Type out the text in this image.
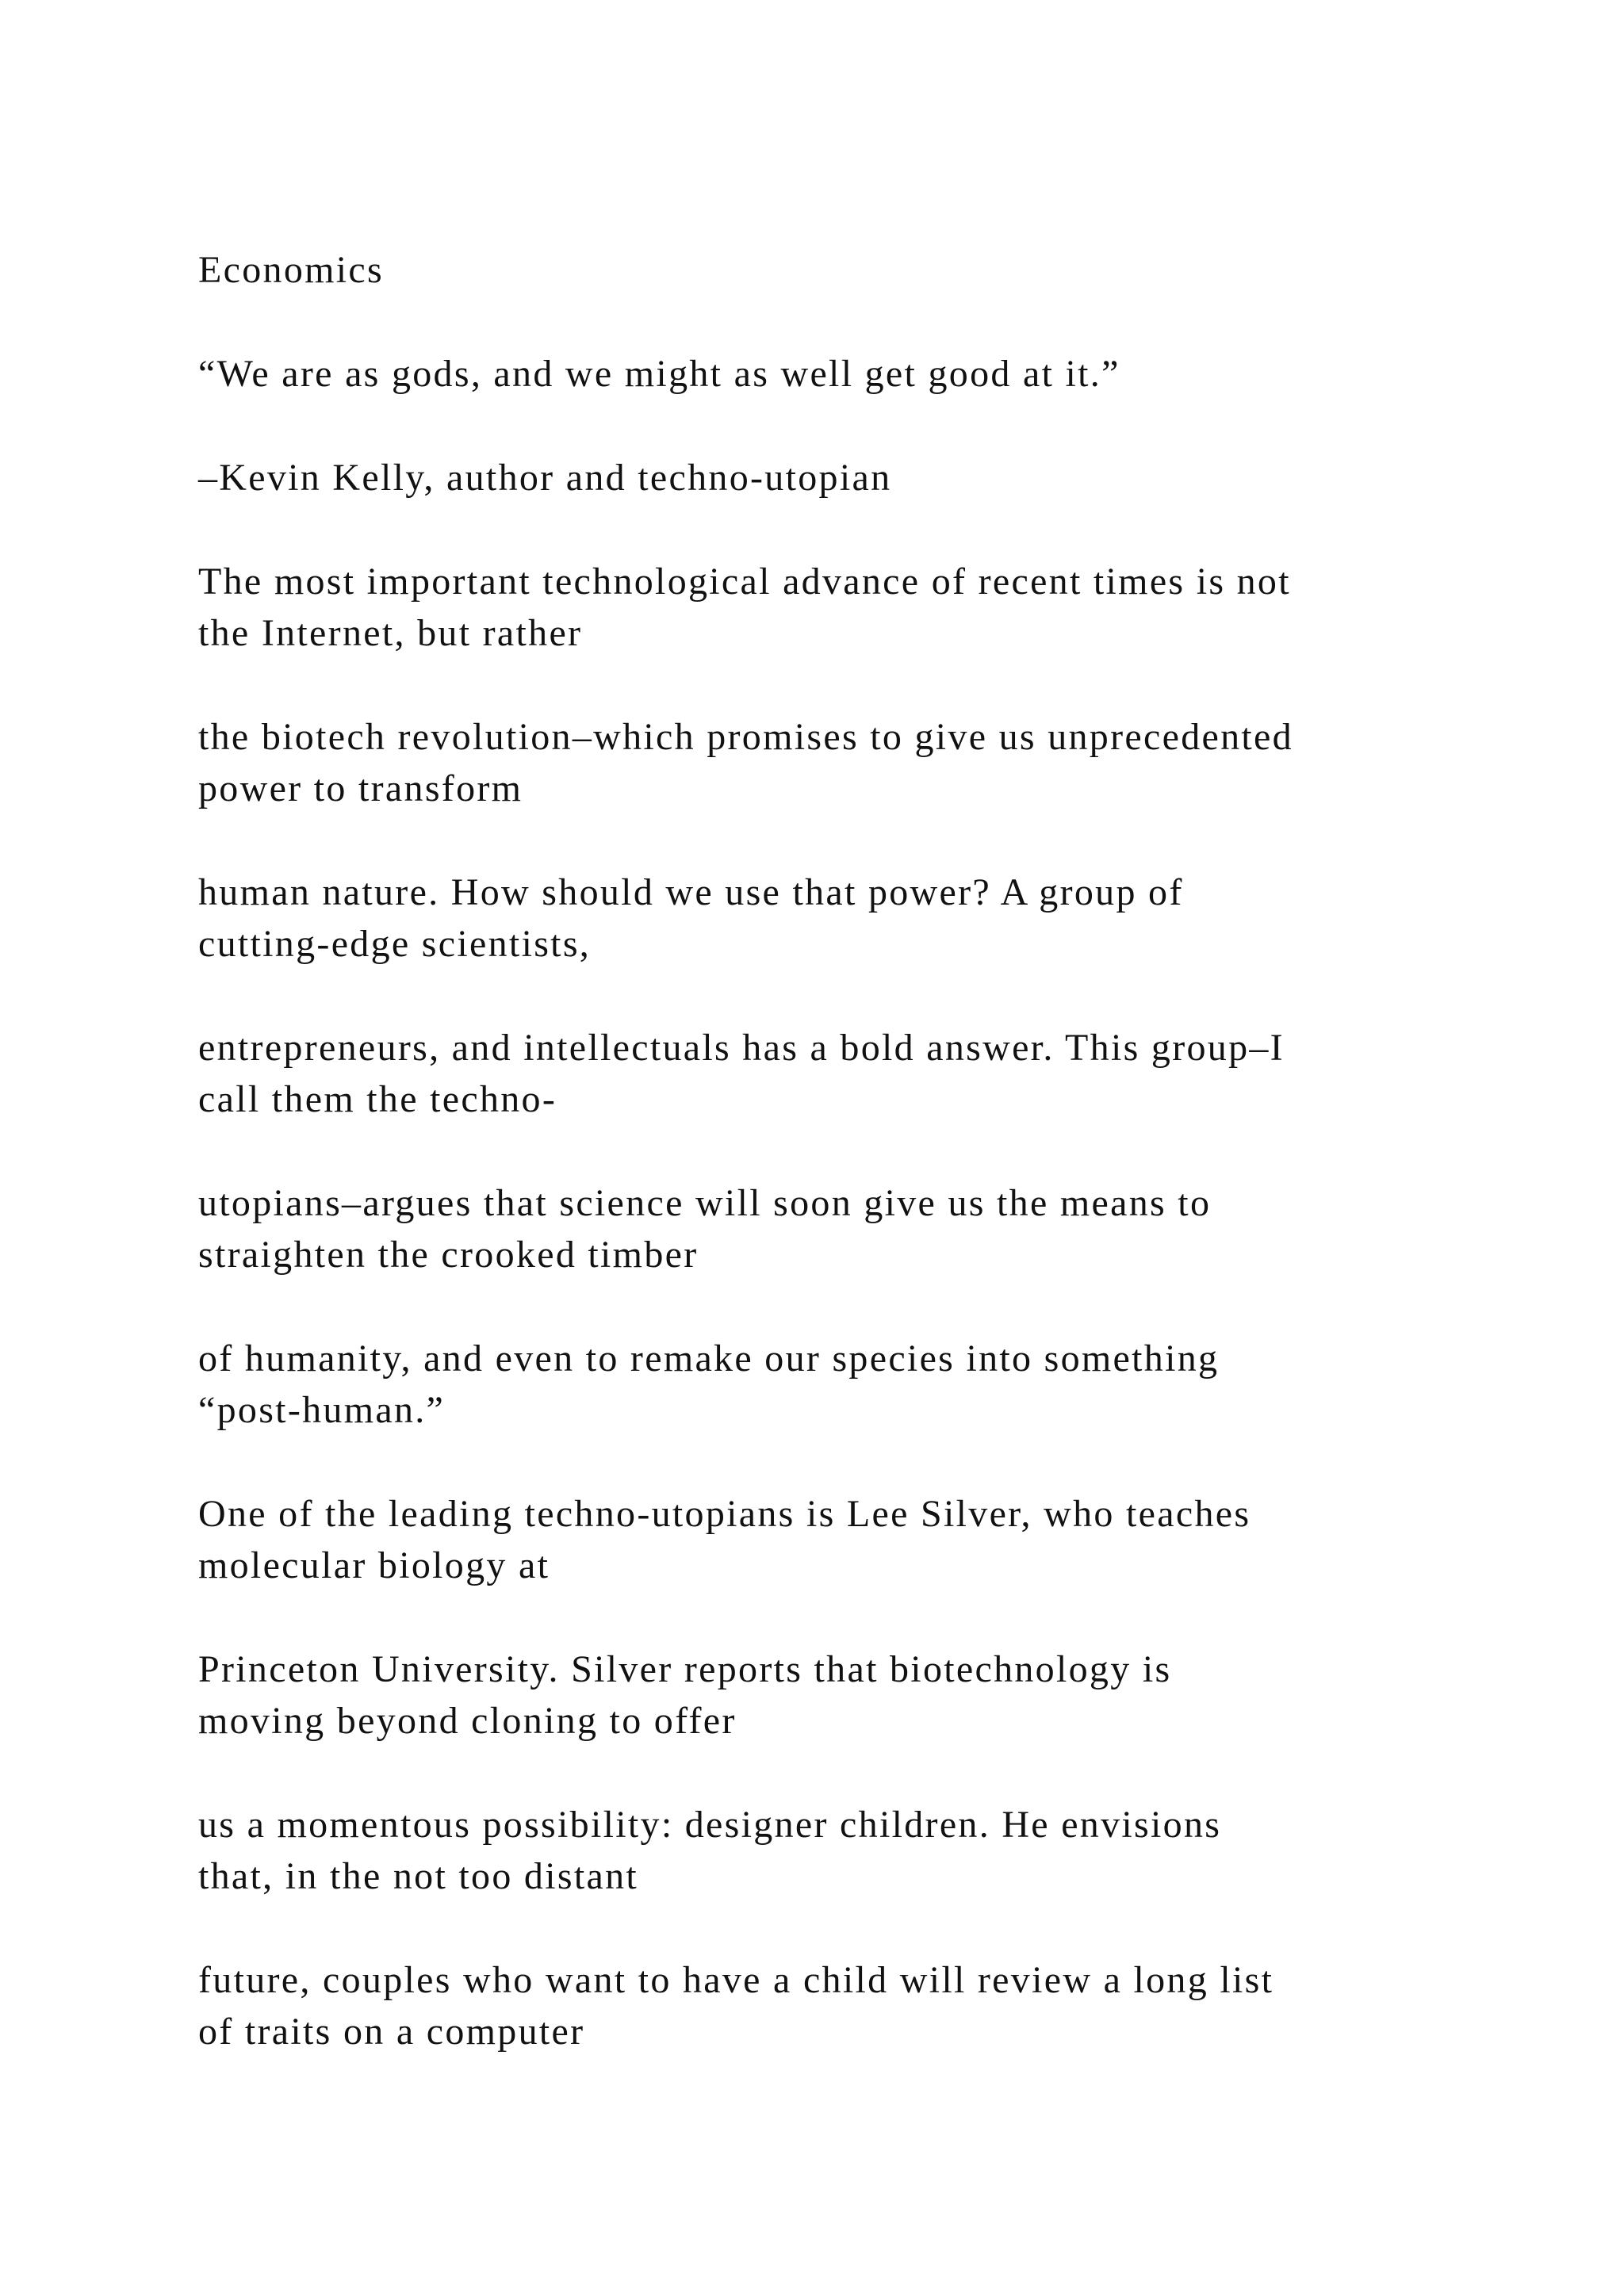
Economics

“We are as gods, and we might as well get good at it.”

–Kevin Kelly, author and techno-utopian

The most important technological advance of recent times is not
the Internet, but rather

the biotech revolution–which promises to give us unprecedented
power to transform

human nature. How should we use that power? A group of
cutting-edge scientists,

entrepreneurs, and intellectuals has a bold answer. This group–I
call them the techno-

utopians–argues that science will soon give us the means to
straighten the crooked timber

of humanity, and even to remake our species into something
“post-human.”

One of the leading techno-utopians is Lee Silver, who teaches
molecular biology at

Princeton University. Silver reports that biotechnology is
moving beyond cloning to offer

us a momentous possibility: designer children. He envisions
that, in the not too distant

future, couples who want to have a child will review a long list
of traits on a computer
